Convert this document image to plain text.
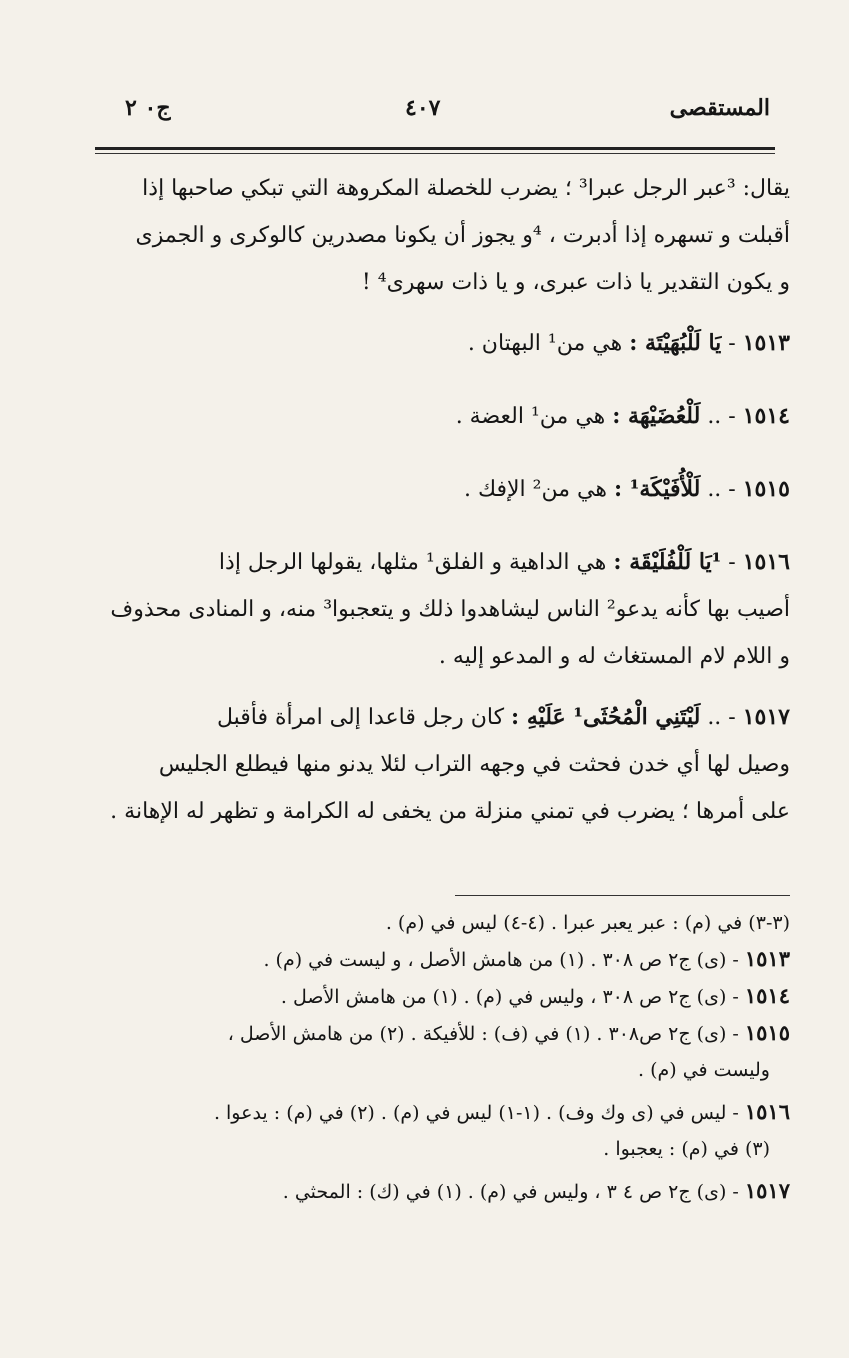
المستقصى
٤٠٧
ج٠ ٢

يقال: ³عبر الرجل عبرا³ ؛ يضرب للخصلة المكروهة التي تبكي صاحبها إذا

أقبلت و تسهره إذا أدبرت ، ⁴و يجوز أن يكونا مصدرين كالوكرى و الجمزى

و يكون التقدير يا ذات عبرى، و يا ذات سهرى⁴ !

١٥١٣ - يَا لَلْبُهَيْتَة : هي من¹ البهتان .

١٥١٤ - .. لَلْعُضَيْهَة : هي من¹ العضة .

١٥١٥ - .. لَلْأُفَيْكَة¹ : هي من² الإفك .

١٥١٦ - ¹يَا لَلْفُلَيْقَة : هي الداهية و الفلق¹ مثلها، يقولها الرجل إذا

أصيب بها كأنه يدعو² الناس ليشاهدوا ذلك و يتعجبوا³ منه، و المنادى محذوف

و اللام لام المستغاث له و المدعو إليه .

١٥١٧ - .. لَيْتَنِي الْمُحُثَى¹ عَلَيْهِ : كان رجل قاعدا إلى امرأة فأقبل

وصيل لها أي خدن فحثت في وجهه التراب لئلا يدنو منها فيطلع الجليس

على أمرها ؛ يضرب في تمني منزلة من يخفى له الكرامة و تظهر له الإهانة .

(٣-٣) في (م) : عبر يعبر عبرا . (٤-٤) ليس في (م) .

١٥١٣ - (ى) ج٢ ص ٣٠٨ . (١) من هامش الأصل ، و ليست في (م) .

١٥١٤ - (ى) ج٢ ص ٣٠٨ ، وليس في (م) . (١) من هامش الأصل .

١٥١٥ - (ى) ج٢ ص٣٠٨ . (١) في (ف) : للأفيكة . (٢) من هامش الأصل ،

وليست في (م) .

١٥١٦ - ليس في (ى وك وف) . (١-١) ليس في (م) . (٢) في (م) : يدعوا .

(٣) في (م) : يعجبوا .

١٥١٧ - (ى) ج٢ ص ٤ ٣ ، وليس في (م) . (١) في (ك) : المحثي .
